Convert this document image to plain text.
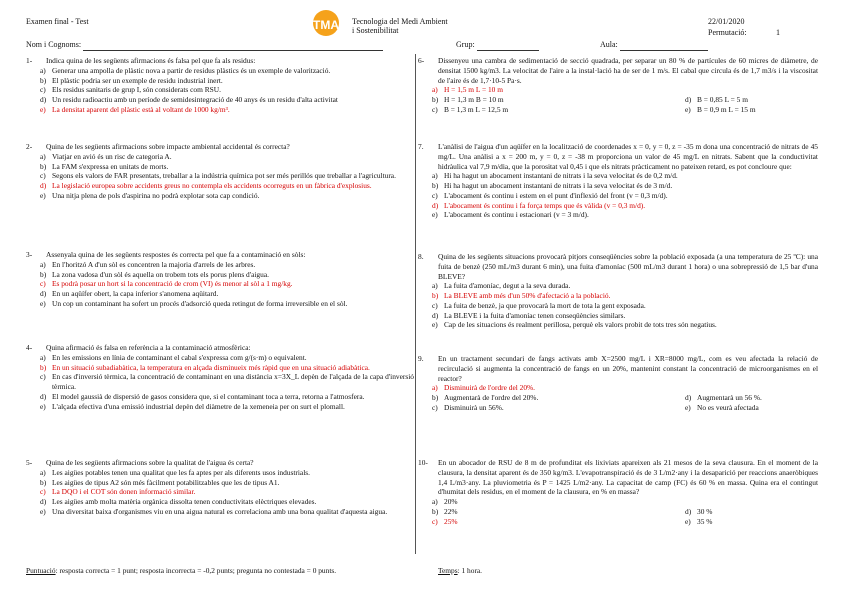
Examen final - Test	TMA Tecnologia del Medi Ambient
i Sostenibilitat
22/01/2020
Permutació:	1
Nom i Cognoms:	Grup:	Aula:
1-	Indica quina de les següents afirmacions és falsa pel que fa als residus:
a) Generar una ampolla de plàstic nova a partir de residus plàstics és un exemple de valorització.
b) El plàstic podria ser un exemple de residu industrial inert.
c) Els residus sanitaris de grup I, són considerats com RSU.
d) Un residu radioactiu amb un període de semidesintegració de 40 anys és un residu d'alta activitat
e) La densitat aparent del plàstic està al voltant de 1000 kg/m³.
2-	Quina de les següents afirmacions sobre impacte ambiental accidental és correcta?
a) Viatjar en avió és un risc de categoria A.
b) La FAM s'expressa en unitats de morts.
c) Segons els valors de FAR presentats, treballar a la indústria química pot ser més perillós que treballar a l'agricultura.
d) La legislació europea sobre accidents greus no contempla els accidents ocorreguts en un fàbrica d'explosius.
e) Una nitja plena de pols d'aspirina no podrà explotar sota cap condició.
3-	Assenyala quina de les següents respostes és correcta pel que fa a contaminació en sòls:
a) En l'horitzó A d'un sòl es concentren la majoria d'arrels de les arbres.
b) La zona vadosa d'un sòl és aquella on trobem tots els porus plens d'aigua.
c) Es podrà posar un hort si la concentració de crom (VI) és menor al sòl a 1 mg/kg.
d) En un aqüífer obert, la capa inferior s'anomena aqüitard.
e) Un cop un contaminant ha sofert un procés d'adsorció queda retingut de forma irreversible en el sòl.
4-	Quina afirmació és falsa en referència a la contaminació atmosfèrica:
a) En les emissions en línia de contaminant el cabal s'expressa com g/(s·m) o equivalent.
b) En un situació subadiabàtica, la temperatura en alçada disminueix més ràpid que en una situació adiabàtica.
c) En cas d'inversió tèrmica, la concentració de contaminant en una distància x=3X_L depèn de l'alçada de la capa d'inversió tèrmica.
d) El model gaussià de dispersió de gasos considera que, si el contaminant toca a terra, retorna a l'atmosfera.
e) L'alçada efectiva d'una emissió industrial depèn del diàmetre de la xemeneia per on surt el plomall.
5-	Quina de les següents afirmacions sobre la qualitat de l'aigua és certa?
a) Les aigües potables tenen una qualitat que les fa aptes per als diferents usos industrials.
b) Les aigües de tipus A2 són més fàcilment potabilitzables que les de tipus A1.
c) La DQO i el COT són donen informació similar.
d) Les aigües amb molta matèria orgànica dissolta tenen conductivitats elèctriques elevades.
e) Una diversitat baixa d'organismes viu en una aigua natural es correlaciona amb una bona qualitat d'aquesta aigua.
6-	Dissenyeu una cambra de sedimentació de secció quadrada, per separar un 80 % de partícules de 60 micres de diàmetre, de densitat 1500 kg/m3. La velocitat de l'aire a la instal·lació ha de ser de 1 m/s. El cabal que circula és de 1,7 m3/s i la viscositat de l'aire és de 1,7·10-5 Pa·s.
a) H = 1,5 m L = 10 m
b) H = 1,3 m B = 10 m	d) B = 0,85 L = 5 m
c) B = 1,3 m L = 12,5 m	e) B = 0,9 m L = 15 m
7.	L'anàlisi de l'aigua d'un aqüífer en la localització de coordenades x = 0, y = 0, z = -35 m dona una concentració de nitrats de 45 mg/L. Una anàlisi a x = 200 m, y = 0, z = -38 m proporciona un valor de 45 mg/L en nitrats. Sabent que la conductivitat hidràulica val 7,9 m/dia, que la porositat val 0,45 i que els nitrats pràcticament no pateixen retard, es pot concloure que:
a) Hi ha hagut un abocament instantani de nitrats i la seva velocitat és de 0,2 m/d.
b) Hi ha hagut un abocament instantani de nitrats i la seva velocitat és de 3 m/d.
c) L'abocament és continu i estem en el punt d'inflexió del front (v = 0,3 m/d).
d) L'abocament és continu i fa força temps que és vàlida (v = 0,3 m/d).
e) L'abocament és continu i estacionari (v = 3 m/d).
8.	Quina de les següents situacions provocarà pitjors conseqüències sobre la població exposada (a una temperatura de 25 ºC): una fuita de benzè (250 mL/m3 durant 6 min), una fuita d'amoníac (500 mL/m3 durant 1 hora) o una sobrepressió de 1,5 bar d'una BLEVE?
a) La fuita d'amoníac, degut a la seva durada.
b) La BLEVE amb més d'un 50% d'afectació a la població.
c) La fuita de benzè, ja que provocarà la mort de tota la gent exposada.
d) La BLEVE i la fuita d'amoníac tenen conseqüències similars.
e) Cap de les situacions és realment perillosa, perquè els valors probit de tots tres són negatius.
9.	En un tractament secundari de fangs activats amb X=2500 mg/L i XR=8000 mg/L, com es veu afectada la relació de recirculació si augmenta la concentració de fangs en un 20%, mantenint constant la concentració de microorganismes en el reactor?
a) Disminuirà de l'ordre del 20%.
b) Augmentarà de l'ordre del 20%.	d) Augmentarà un 56 %.
c) Disminuirà un 56%.	e) No es veurà afectada
10-	En un abocador de RSU de 8 m de profunditat els lixiviats apareixen als 21 mesos de la seva clausura. En el moment de la clausura, la densitat aparent és de 350 kg/m3. L'evapotranspiració és de 3 L/m2·any i la desaparició per reaccions anaeròbiques 1,4 L/m3·any. La pluviometria és P = 1425 L/m2·any. La capacitat de camp (FC) és 60 % en massa. Quina era el contingut d'humitat dels residus, en el moment de la clausura, en % en massa?
a) 20%
b) 22%	d) 30 %
c) 25%	e) 35 %
Puntuació: resposta correcta = 1 punt; resposta incorrecta = -0,2 punts; pregunta no contestada = 0 punts.	Temps: 1 hora.
